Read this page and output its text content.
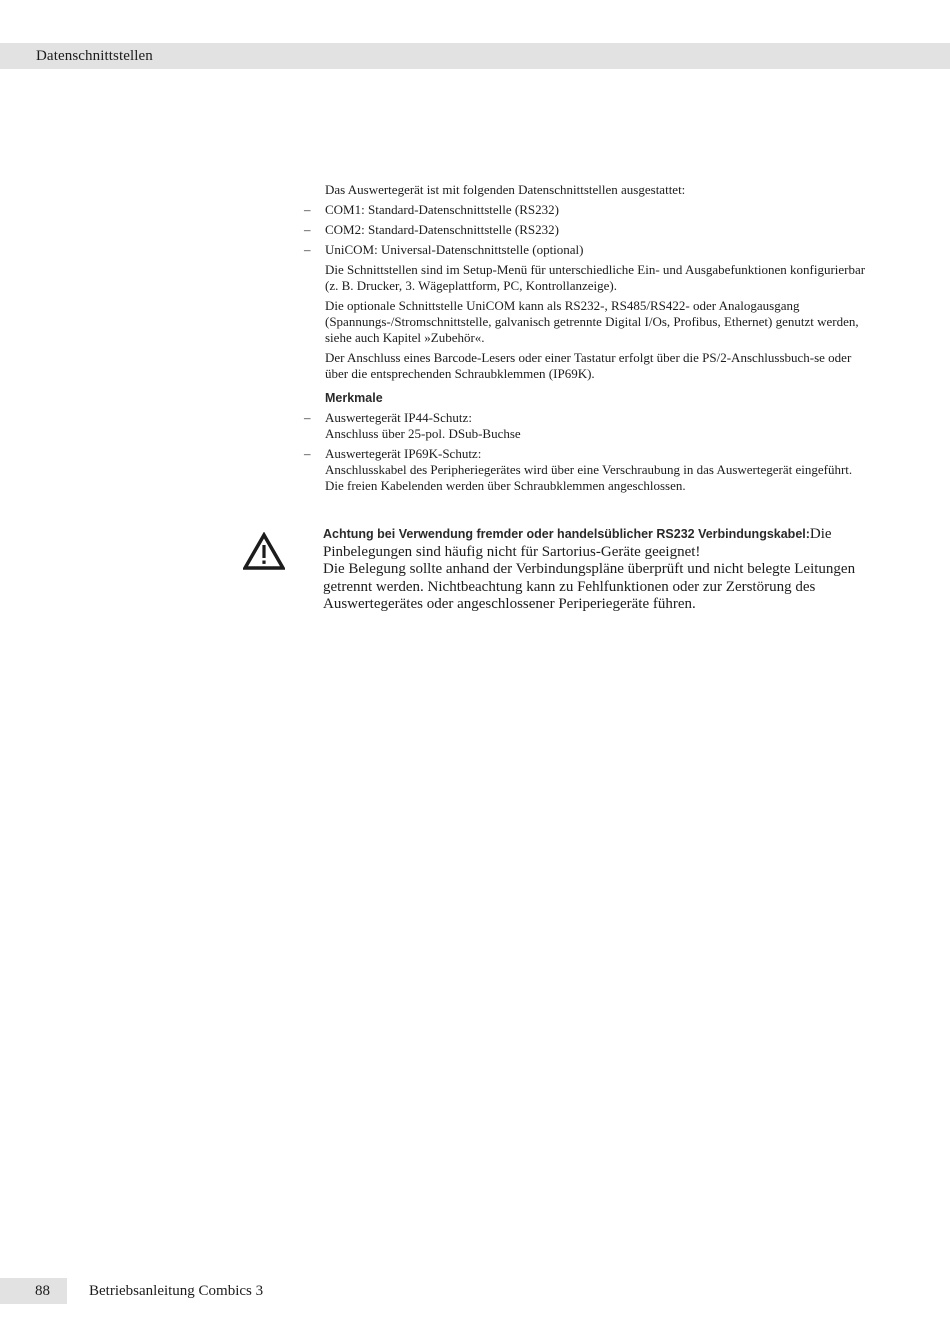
Datenschnittstellen

Das Auswertegerät ist mit folgenden Datenschnittstellen ausgestattet:

– COM1: Standard-Datenschnittstelle (RS232)
– COM2: Standard-Datenschnittstelle (RS232)
– UniCOM: Universal-Datenschnittstelle (optional)

Die Schnittstellen sind im Setup-Menü für unterschiedliche Ein- und Ausgabefunktionen konfigurierbar (z. B. Drucker, 3. Wägeplattform, PC, Kontrollanzeige).

Die optionale Schnittstelle UniCOM kann als RS232-, RS485/RS422- oder Analogausgang (Spannungs-/Stromschnittstelle, galvanisch getrennte Digital I/Os, Profibus, Ethernet) genutzt werden, siehe auch Kapitel »Zubehör«.

Der Anschluss eines Barcode-Lesers oder einer Tastatur erfolgt über die PS/2-Anschlussbuch-se oder über die entsprechenden Schraubklemmen (IP69K).

Merkmale
– Auswertegerät IP44-Schutz:
Anschluss über 25-pol. DSub-Buchse
– Auswertegerät IP69K-Schutz:
Anschlusskabel des Peripheriegerätes wird über eine Verschraubung in das Auswertegerät eingeführt. Die freien Kabelenden werden über Schraubklemmen angeschlossen.
Achtung bei Verwendung fremder oder handelsüblicher RS232 Verbindungskabel:Die Pinbelegungen sind häufig nicht für Sartorius-Geräte geeignet!
Die Belegung sollte anhand der Verbindungspläne überprüft und nicht belegte Leitungen getrennt werden. Nichtbeachtung kann zu Fehlfunktionen oder zur Zerstörung des Auswertegerätes oder angeschlossener Periperiegeräte führen.
88	Betriebsanleitung Combics 3
